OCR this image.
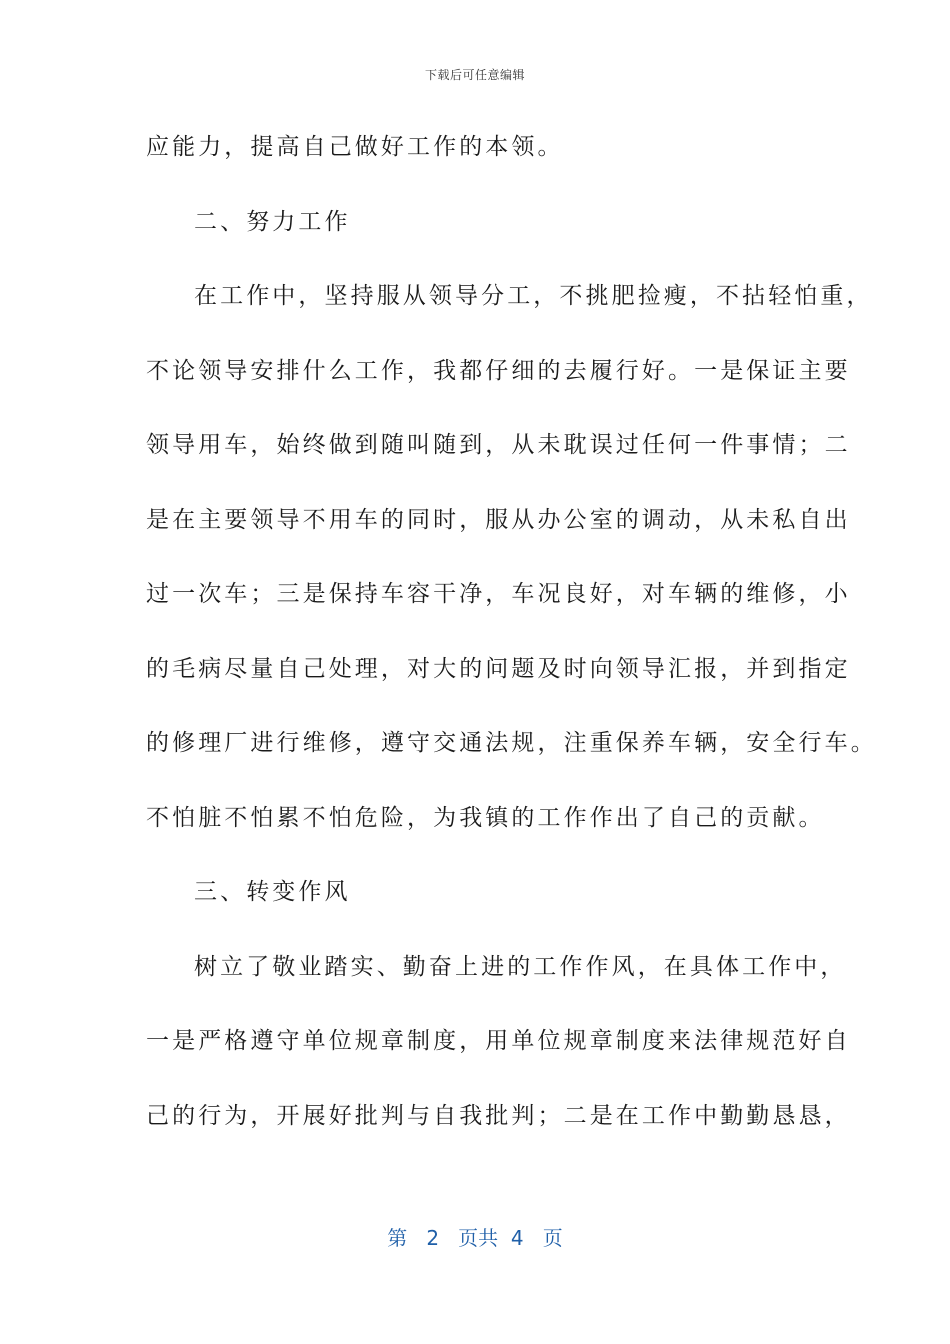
下载后可任意编辑
应能力，提高自己做好工作的本领。
二、努力工作
在工作中，坚持服从领导分工，不挑肥捡瘦，不拈轻怕重，
不论领导安排什么工作，我都仔细的去履行好。一是保证主要
领导用车，始终做到随叫随到，从未耽误过任何一件事情；二
是在主要领导不用车的同时，服从办公室的调动，从未私自出
过一次车；三是保持车容干净，车况良好，对车辆的维修，小
的毛病尽量自己处理，对大的问题及时向领导汇报，并到指定
的修理厂进行维修，遵守交通法规，注重保养车辆，安全行车。
不怕脏不怕累不怕危险，为我镇的工作作出了自己的贡献。
三、转变作风
树立了敬业踏实、勤奋上进的工作作风，在具体工作中，
一是严格遵守单位规章制度，用单位规章制度来法律规范好自
己的行为，开展好批判与自我批判；二是在工作中勤勤恳恳，
第 2 页共 4 页
